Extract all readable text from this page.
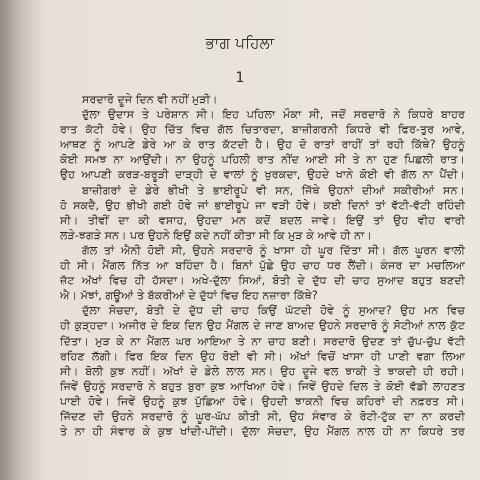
ਭਾਗ ਪਹਿਲਾ
1
ਸਰਦਾਰੋ ਦੂਜੇ ਦਿਨ ਵੀ ਨਹੀਂ ਮੁੜੀ।
ਦੁੱਲਾ ਉਦਾਸ ਤੇ ਪਰੇਸ਼ਾਨ ਸੀ। ਇਹ ਪਹਿਲਾ ਮੌਕਾ ਸੀ, ਜਦੋਂ ਸਰਦਾਰੋ ਨੇ ਕਿਧਰੇ ਬਾਹਰ
ਰਾਤ ਕੱਟੀ ਹੋਵੇ। ਉਹ ਚਿੱਤ ਵਿਚ ਗੱਲ ਚਿਤਾਰਦਾ, ਬਾਜ਼ੀਗਰਨੀ ਕਿਧਰੇ ਵੀ ਫਿਰ-ਤੁਰ ਆਵੇ,
ਆਥਣ ਨੂੰ ਆਪਣੇ ਡੇਰੇ ਆ ਕੇ ਰਾਤ ਕੱਟਦੀ ਹੈ। ਉਹ ਦੋ ਰਾਤਾਂ ਰਾਹੀਂ ਤਾਂ ਰਹੀ ਕਿੱਥੇ? ਉਹਨੂੰ
ਕੋਈ ਸਮਝ ਨਾ ਆਉਂਦੀ। ਨਾ ਉਹਨੂੰ ਪਹਿਲੀ ਰਾਤ ਨੀਂਦ ਆਈ ਸੀ ਤੇ ਨਾ ਹੁਣ ਪਿਛਲੀ ਰਾਤ।
ਉਹ ਆਪਣੀ ਕਰੜ-ਬਰੂੜੀ ਦਾੜ੍ਹੀ ਦੇ ਵਾਲਾਂ ਨੂੰ ਖੁਰਕਦਾ, ਉਹਦੇ ਖਾਨੇ ਕੋਈ ਵੀ ਗੱਲ ਨਾ ਪੈਂਦੀ।
ਬਾਜ਼ੀਗਰਾਂ ਦੇ ਡੇਰੇ ਭੀਖੀ ਤੇ ਭਾਈਰੂਪੇ ਵੀ ਸਨ, ਜਿੱਥੇ ਉਹਨਾਂ ਦੀਆਂ ਸਕੀਰੀਆਂ ਸਨ।
ਹੋ ਸਕਦੈ, ਉਹ ਭੀਖੀ ਗਈ ਹੋਵੇ ਜਾਂ ਭਾਈਰੂਪੇ ਜਾ ਵੜੀ ਹੋਵੇ। ਕਈ ਦਿਨਾਂ ਤਾਂ ਵੱਟੀ-ਵੱਟੀ ਰਹਿੰਦੀ
ਸੀ। ਤੀਵੀਂ ਦਾ ਕੀ ਵਸਾਹ, ਉਹਦਾ ਮਨ ਕਦੋਂ ਬਦਲ ਜਾਵੇ। ਇਉਂ ਤਾਂ ਉਹ ਵੀਹ ਵਾਰੀ
ਲੜੇ-ਝਗੜੇ ਸਨ। ਪਰ ਉਹਨੇ ਇਉਂ ਕਦੇ ਨਹੀਂ ਕੀਤਾ ਸੀ ਕਿ ਮੁੜ ਕੇ ਆਵੇ ਹੀ ਨਾ।
ਗੱਲ ਤਾਂ ਐਨੀ ਹੋਈ ਸੀ, ਉਹਨੇ ਸਰਦਾਰੋ ਨੂੰ ਖਾਸਾ ਹੀ ਘੂਰ ਦਿੱਤਾ ਸੀ। ਗੱਲ ਘੂਰਨ ਵਾਲੀ
ਹੀ ਸੀ। ਮੈਂਗਲ ਨਿੱਤ ਆ ਬਹਿੰਦਾ ਹੈ। ਬਿਨਾਂ ਪੁੱਛੇ ਉਹ ਚਾਹ ਧਰ ਲੈਂਦੀ। ਕੰਜਰ ਦਾ ਮਚਲਿਆ
ਜ਼ੱਟ ਅੱਖਾਂ ਵਿਚ ਹੀ ਹੱਸਦਾ। ਅਖੇ-ਦੁੱਲਾ ਸਿਆਂ, ਬੋਤੀ ਦੇ ਦੁੱਧ ਦੀ ਚਾਹ ਸੁਆਦ ਬਹੁਤ ਬਣਦੀ
ਐ। ਮੱਝਾਂ, ਗਊਆਂ ਤੇ ਬੱਕਰੀਆਂ ਦੇ ਦੁੱਧਾਂ ਵਿਚ ਇਹ ਨਜ਼ਾਰਾ ਕਿੱਥੇ?
ਦੁੱਲਾ ਸੋਚਦਾ, ਬੋਤੀ ਦੇ ਦੁੱਧ ਦੀ ਚਾਹ ਕਿਉਂ ਘੱਟਦੀ ਹੋਵੇ ਨੂੰ ਸੁਆਦ? ਉਹ ਮਨ ਵਿਚ
ਹੀ ਕੁੜ੍ਹਦਾ। ਅਜੀਰ ਦੇ ਇਕ ਦਿਨ ਉਹ ਮੈਂਗਲ ਦੇ ਜਾਣ ਬਾਅਦ ਉਹਨੇ ਸਰਦਾਰੋ ਨੂੰ ਸੋਟੀਆਂ ਨਾਲ ਕੁੱਟ
ਦਿੱਤਾ। ਮੁੜ ਕੇ ਨਾ ਮੈਂਗਲ ਘਰ ਆਇਆ ਤੇ ਨਾ ਚਾਹ ਬਣੀ। ਸਰਦਾਰੋ ਉਦਣ ਤਾਂ ਚੁੱਪ-ਚੁੱਪ ਵੱਟੀ
ਰਹਿਣ ਲੱਗੀ। ਫਿਰ ਇਕ ਦਿਨ ਉਹ ਰੋਈ ਵੀ ਸੀ। ਅੱਖਾਂ ਵਿਚੋਂ ਖਾਸਾ ਹੀ ਪਾਣੀ ਵਗਾ ਲਿਆ
ਸੀ। ਬੋਲੀ ਕੁਝ ਨਹੀਂ। ਅੱਖਾਂ ਦੇ ਡੇਲੇ ਲਾਲ ਸਨ। ਉਹ ਦੂਜੇ ਵਲ ਝਾਕੀ ਤੇ ਝਾਕਦੀ ਹੀ ਰਹੀ।
ਜਿਵੇਂ ਉਹਨੂੰ ਸਰਦਾਰੋ ਨੇ ਬਹੁਤ ਬੁਰਾ ਕੁਝ ਆਖਿਆ ਹੋਵੇ। ਜਿਵੇਂ ਉਹਦੇ ਦਿਲ ਤੇ ਕੋਈ ਵੱਡੀ ਲਾਹਣਤ
ਪਾਈ ਹੋਵੇ। ਜਿਵੇਂ ਉਹਨੂੰ ਕੁਝ ਪੁੱਛਿਆ ਹੋਵੇ। ਉਹਦੀ ਝਾਕਨੀ ਵਿਚ ਕਹਿਰਾਂ ਦੀ ਨਫ਼ਰਤ ਸੀ।
ਜਿੱਦਣ ਦੀ ਉਹਨੇ ਸਰਦਾਰੋ ਨੂੰ ਘੂਰ-ਘੱਪ ਕੀਤੀ ਸੀ, ਉਹ ਸੰਵਾਰ ਕੇ ਰੋਟੀ-ਟੁੱਕ ਦਾ ਨਾ ਕਰਦੀ
ਤੇ ਨਾ ਹੀ ਸੰਵਾਰ ਕੇ ਕੁਝ ਖਾਂਦੀ-ਪੀਂਦੀ। ਦੁੱਲਾ ਸੋਚਦਾ, ਉਹ ਮੈਂਗਲ ਨਾਲ ਹੀ ਨਾ ਕਿਧਰੇ ਤਰ
